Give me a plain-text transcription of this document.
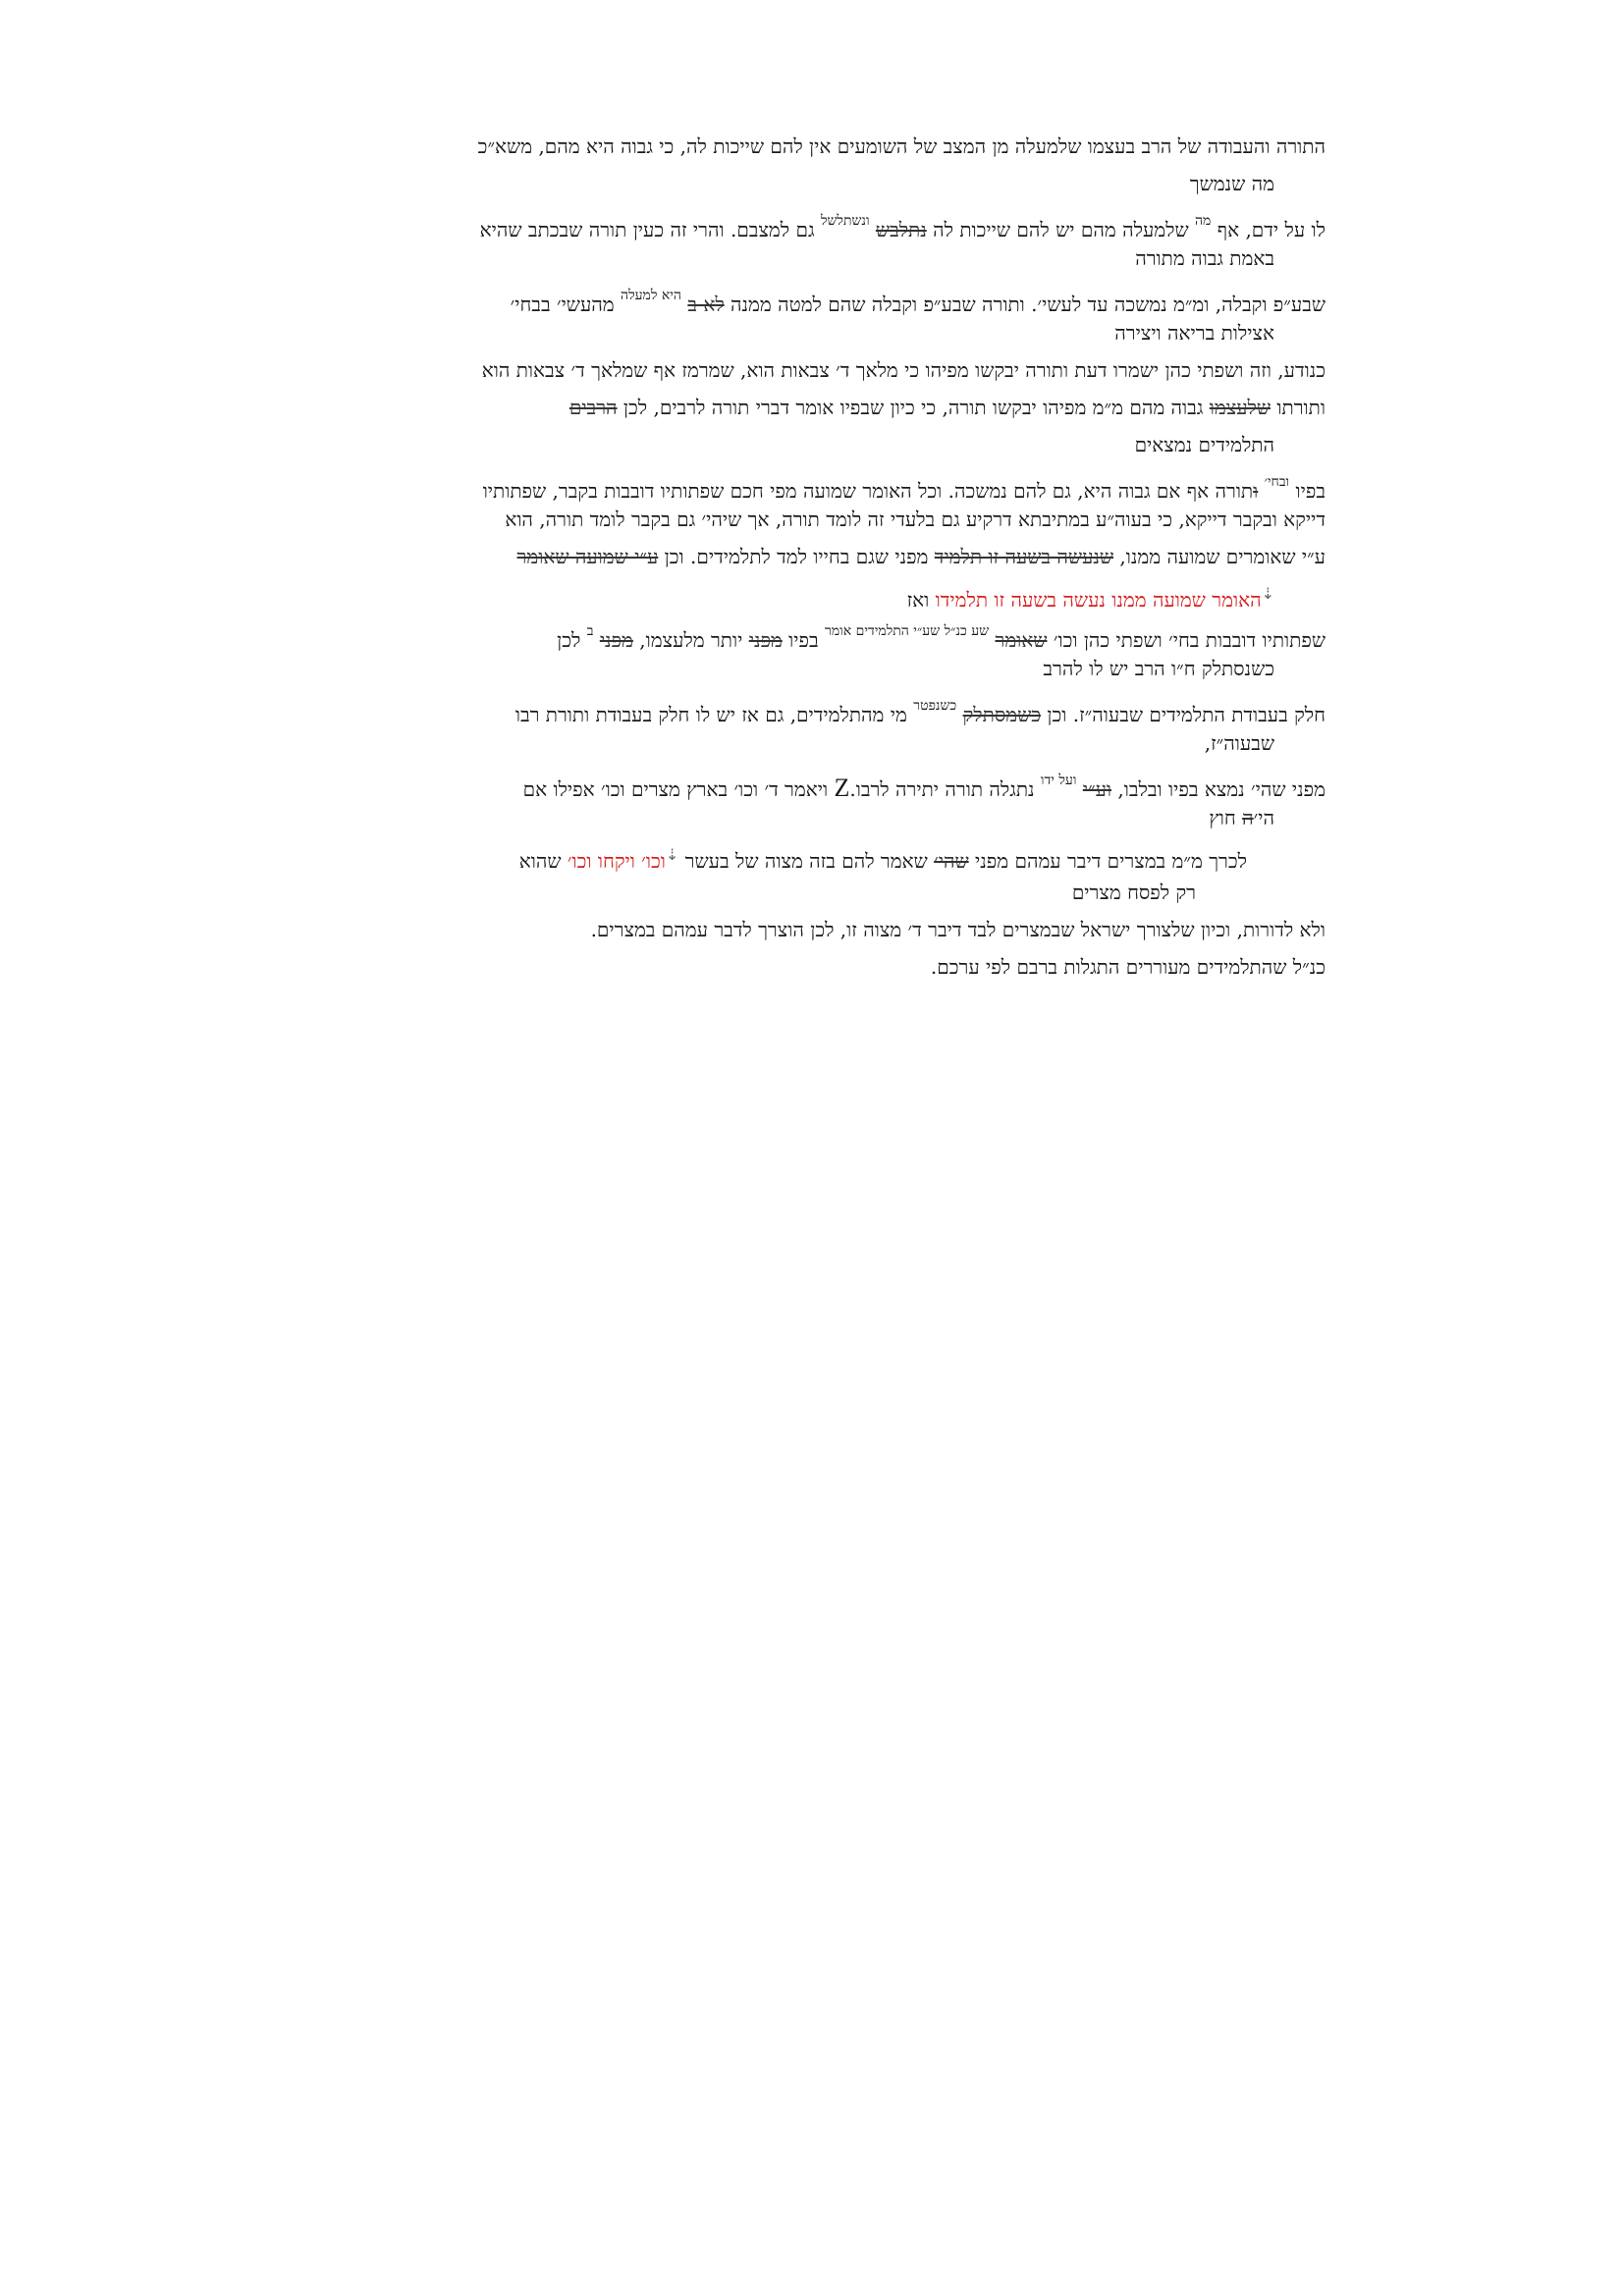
התורה והעבודה של הרב בעצמו שלמעלה מן המצב של השומעים אין להם שייכות לה, כי גבוה היא מהם, משא״כ
מה שנמשך
לו על ידם, אף $^{מה}$ שלמעלה מהם יש להם שייכות לה נתלבש $^{ונשתלשל}$ גם למצבם. והרי זה כעין תורה שבכתב שהיא
באמת גבוה מתורה
שבע״פ וקבלה, ומ״מ נמשכה עד לעשי׳. ותורה שבע״פ וקבלה שהם למטה ממנה לא ב $^{היא למעלה}$ מהעשי׳ בבחי׳
אצילות בריאה ויצירה
כנודע, וזה ושפתי כהן ישמרו דעת ותורה יבקשו מפיהו כי מלאך ד׳ צבאות הוא, שמרמז אף שמלאך ד׳ צבאות הוא
ותורתו שלעצמו גבוה מהם מ״מ מפיהו יבקשו תורה, כי כיון שבפיו אומר דברי תורה לרבים, לכן הרבים
התלמידים נמצאים
בפיו $^{ובחי׳}$ ותורה אף אם גבוה היא, גם להם נמשכה. וכל האומר שמועה מפי חכם שפתותיו דובבות בקבר, שפתותיו
דייקא ובקבר דייקא, כי בעוה״ע במתיבתא דרקיע גם בלעדי זה לומד תורה, אך שיהי׳ גם בקבר לומד תורה, הוא
ע״י שאומרים שמועה ממנו, שנעשה בשעה זו תלמיד מפני שגם בחייו למד לתלמידים. וכן ע״י שמועה שאומר
⇣האומר שמועה ממנו נעשה בשעה זו תלמידו ואז
שפתותיו דובבות בחי׳ ושפתי כהן וכו׳ שאומר $^{שע כנ״ל שע״י התלמידים אומר}$ בפיו מפני יותר מלעצמו, מפני $^ב$ לכן
כשנסתלק ח״ו הרב יש לו להרב
חלק בעבודת התלמידים שבעוה״ז. וכן כשמסתלק $^{כשנפטר}$ מי מהתלמידים, גם אז יש לו חלק בעבודת ותורת רבו
שבעוה״ז,
מפני שהי׳ נמצא בפיו ובלבו, וע״י $^{ועל ידו}$ נתגלה תורה יתירה לרבו.Z ויאמר ד׳ וכו׳ בארץ מצרים וכו׳ אפילו אם
הי׳ה חוץ
לכרך מ״מ במצרים דיבר עמהם מפני שהי׳ שאמר להם בזה מצוה של בעשר ⇣וכו׳ ויקחו וכו׳ שהוא
רק לפסח מצרים
ולא לדורות, וכיון שלצורך ישראל שבמצרים לבד דיבר ד׳ מצוה זו, לכן הוצרך לדבר עמהם במצרים.
כנ״ל שהתלמידים מעוררים התגלות ברבם לפי ערכם.
